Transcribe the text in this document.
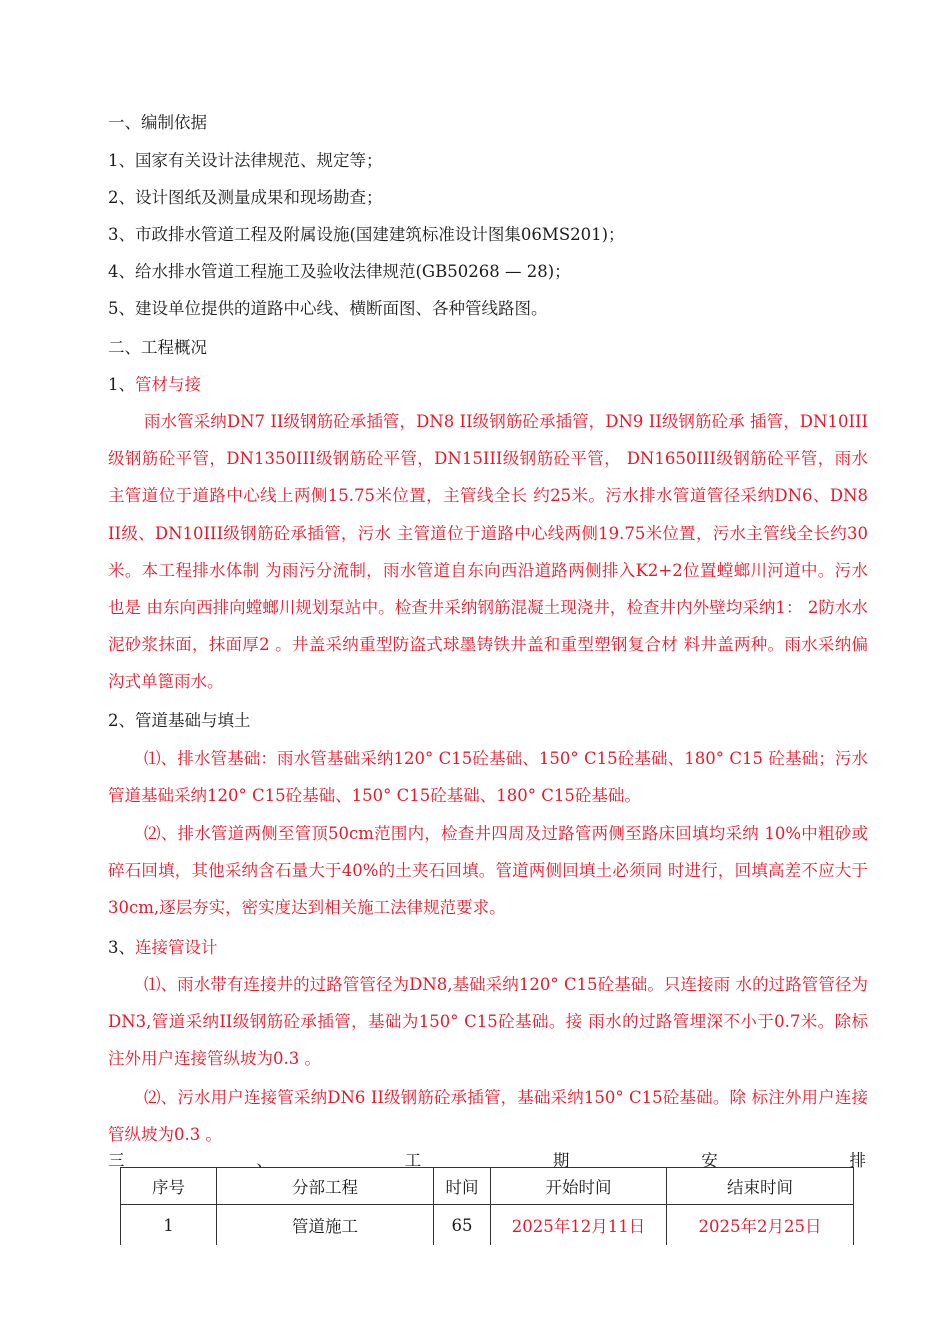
一、编制依据
1、国家有关设计法律规范、规定等；
2、设计图纸及测量成果和现场勘查；
3、市政排水管道工程及附属设施(国建建筑标准设计图集06MS201)；
4、给水排水管道工程施工及验收法律规范(GB50268 — 28)；
5、建设单位提供的道路中心线、横断面图、各种管线路图。
二、工程概况
1、管材与接
雨水管采纳DN7 II级钢筋砼承插管，DN8 II级钢筋砼承插管，DN9 II级钢筋砼承 插管，DN10III级钢筋砼平管，DN1350III级钢筋砼平管，DN15III级钢筋砼平管， DN1650III级钢筋砼平管，雨水主管道位于道路中心线上两侧15.75米位置，主管线全长 约25米。污水排水管道管径采纳DN6、DN8 II级、DN10III级钢筋砼承插管，污水 主管道位于道路中心线两侧19.75米位置，污水主管线全长约30米。本工程排水体制 为雨污分流制，雨水管道自东向西沿道路两侧排入K2+2位置螳螂川河道中。污水也是 由东向西排向螳螂川规划泵站中。检查井采纳钢筋混凝土现浇井，检查井内外壁均采纳1： 2防水水泥砂浆抹面，抹面厚2 。井盖采纳重型防盗式球墨铸铁井盖和重型塑钢复合材 料井盖两种。雨水采纳偏沟式单篦雨水。
2、管道基础与填土
⑴、排水管基础：雨水管基础采纳120° C15砼基础、150° C15砼基础、180° C15 砼基础；污水管道基础采纳120° C15砼基础、150° C15砼基础、180° C15砼基础。
⑵、排水管道两侧至管顶50cm范围内，检查井四周及过路管两侧至路床回填均采纳 10%中粗砂或碎石回填，其他采纳含石量大于40%的土夹石回填。管道两侧回填土必须同 时进行，回填高差不应大于30cm,逐层夯实，密实度达到相关施工法律规范要求。
3、连接管设计
⑴、雨水带有连接井的过路管管径为DN8,基础采纳120° C15砼基础。只连接雨 水的过路管管径为DN3,管道采纳II级钢筋砼承插管，基础为150° C15砼基础。接 雨水的过路管埋深不小于0.7米。除标注外用户连接管纵坡为0.3 。
⑵、污水用户连接管采纳DN6 II级钢筋砼承插管，基础采纳150° C15砼基础。除 标注外用户连接管纵坡为0.3 。
三	、	工	期	安	排
序号	分部工程	时间	开始时间	结束时间
1	管道施工	65	2025年12月11日	2025年2月25日
